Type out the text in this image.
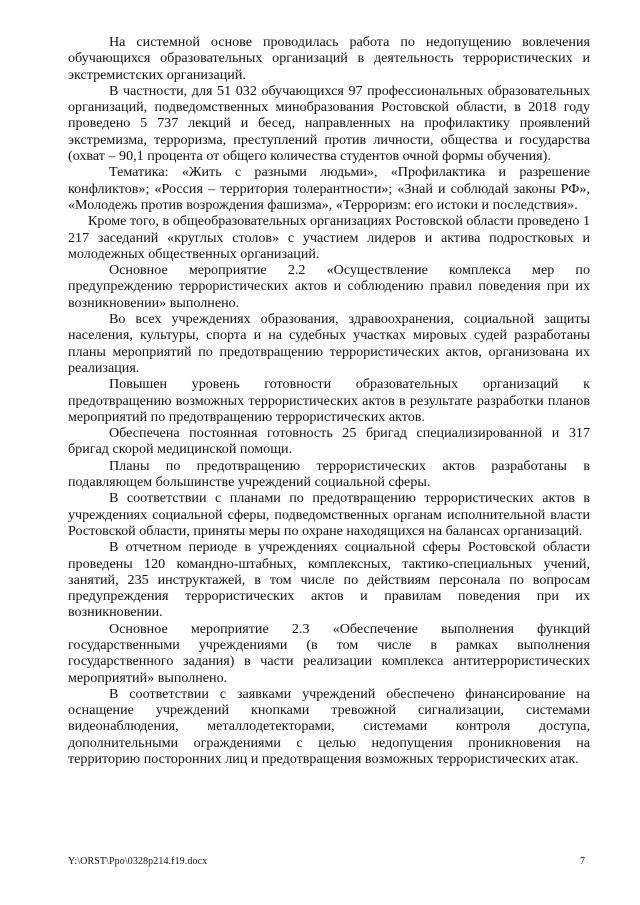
На системной основе проводилась работа по недопущению вовлечения обучающихся образовательных организаций в деятельность террористических и экстремистских организаций.

В частности, для 51 032 обучающихся 97 профессиональных образовательных организаций, подведомственных минобразования Ростовской области, в 2018 году проведено 5 737 лекций и бесед, направленных на профилактику проявлений экстремизма, терроризма, преступлений против личности, общества и государства (охват – 90,1 процента от общего количества студентов очной формы обучения).

Тематика: «Жить с разными людьми», «Профилактика и разрешение конфликтов»; «Россия – территория толерантности»; «Знай и соблюдай законы РФ», «Молодежь против возрождения фашизма», «Терроризм: его истоки и последствия».

Кроме того, в общеобразовательных организациях Ростовской области проведено 1 217 заседаний «круглых столов» с участием лидеров и актива подростковых и молодежных общественных организаций.

Основное мероприятие 2.2 «Осуществление комплекса мер по предупреждению террористических актов и соблюдению правил поведения при их возникновении» выполнено.

Во всех учреждениях образования, здравоохранения, социальной защиты населения, культуры, спорта и на судебных участках мировых судей разработаны планы мероприятий по предотвращению террористических актов, организована их реализация.

Повышен уровень готовности образовательных организаций к предотвращению возможных террористических актов в результате разработки планов мероприятий по предотвращению террористических актов.

Обеспечена постоянная готовность 25 бригад специализированной и 317 бригад скорой медицинской помощи.

Планы по предотвращению террористических актов разработаны в подавляющем большинстве учреждений социальной сферы.

В соответствии с планами по предотвращению террористических актов в учреждениях социальной сферы, подведомственных органам исполнительной власти Ростовской области, приняты меры по охране находящихся на балансах организаций.

В отчетном периоде в учреждениях социальной сферы Ростовской области проведены 120 командно-штабных, комплексных, тактико-специальных учений, занятий, 235 инструктажей, в том числе по действиям персонала по вопросам предупреждения террористических актов и правилам поведения при их возникновении.

Основное мероприятие 2.3 «Обеспечение выполнения функций государственными учреждениями (в том числе в рамках выполнения государственного задания) в части реализации комплекса антитеррористических мероприятий» выполнено.

В соответствии с заявками учреждений обеспечено финансирование на оснащение учреждений кнопками тревожной сигнализации, системами видеонаблюдения, металлодетекторами, системами контроля доступа, дополнительными ограждениями с целью недопущения проникновения на территорию посторонних лиц и предотвращения возможных террористических атак.

Y:\ORST\Ppo\0328p214.f19.docx	7
